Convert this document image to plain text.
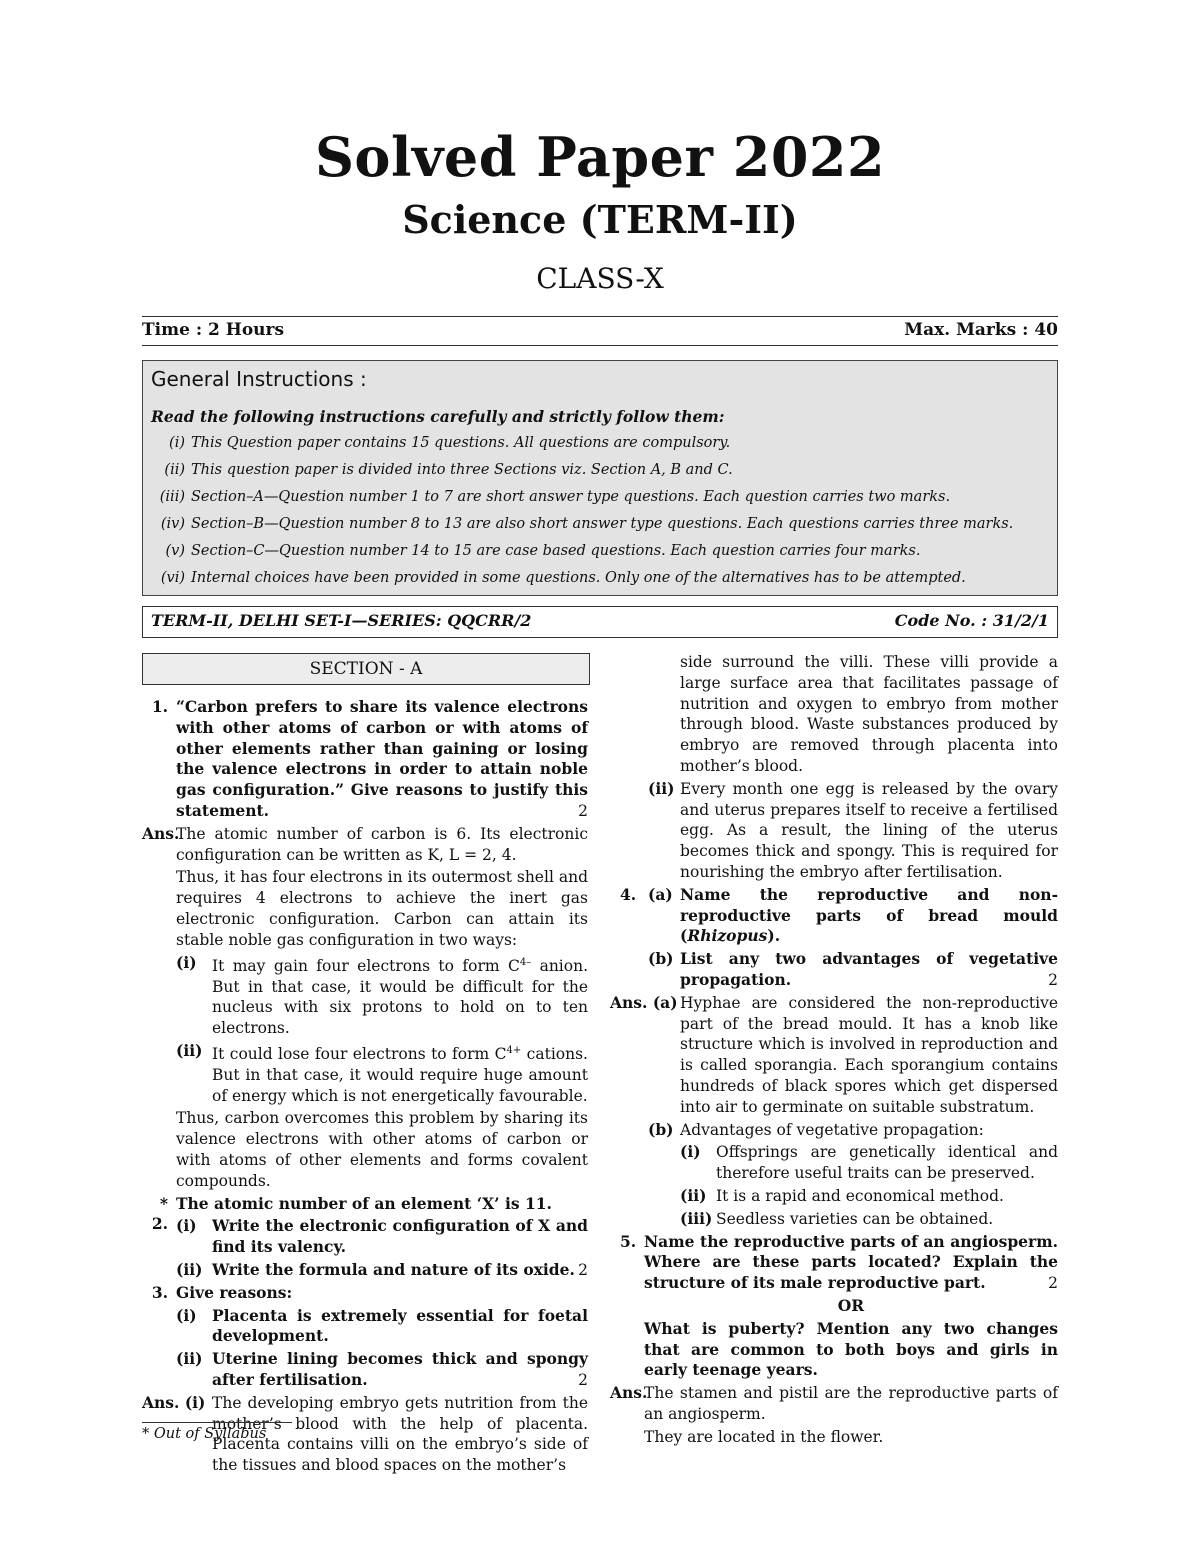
Solved Paper 2022
Science (TERM-II)
CLASS-X
Time : 2 Hours	Max. Marks : 40
General Instructions :
Read the following instructions carefully and strictly follow them:
(i) This Question paper contains 15 questions. All questions are compulsory.
(ii) This question paper is divided into three Sections viz. Section A, B and C.
(iii) Section–A—Question number 1 to 7 are short answer type questions. Each question carries two marks.
(iv) Section–B—Question number 8 to 13 are also short answer type questions. Each questions carries three marks.
(v) Section–C—Question number 14 to 15 are case based questions. Each question carries four marks.
(vi) Internal choices have been provided in some questions. Only one of the alternatives has to be attempted.
TERM-II, DELHI SET-I—SERIES: QQCRR/2	Code No. : 31/2/1
SECTION - A
1. “Carbon prefers to share its valence electrons with other atoms of carbon or with atoms of other elements rather than gaining or losing the valence electrons in order to attain noble gas configuration.” Give reasons to justify this statement.	2
Ans.
The atomic number of carbon is 6. Its electronic configuration can be written as K, L = 2, 4.
Thus, it has four electrons in its outermost shell and requires 4 electrons to achieve the inert gas electronic configuration. Carbon can attain its stable noble gas configuration in two ways:
(i) It may gain four electrons to form $C^{4-}$ anion. But in that case, it would be difficult for the nucleus with six protons to hold on to ten electrons.
(ii) It could lose four electrons to form $C^{4+}$ cations. But in that case, it would require huge amount of energy which is not energetically favourable.
Thus, carbon overcomes this problem by sharing its valence electrons with other atoms of carbon or with atoms of other elements and forms covalent compounds.
* 2.
The atomic number of an element ‘X’ is 11.
(i) Write the electronic configuration of X and find its valency.
(ii) Write the formula and nature of its oxide. 2
3. Give reasons:
(i) Placenta is extremely essential for foetal development.
(ii) Uterine lining becomes thick and spongy after fertilisation.	2
Ans. (i) The developing embryo gets nutrition from the mother’s blood with the help of placenta. Placenta contains villi on the embryo’s side of the tissues and blood spaces on the mother’s
* Out of Syllabus
side surround the villi. These villi provide a large surface area that facilitates passage of nutrition and oxygen to embryo from mother through blood. Waste substances produced by embryo are removed through placenta into mother’s blood.
(ii) Every month one egg is released by the ovary and uterus prepares itself to receive a fertilised egg. As a result, the lining of the uterus becomes thick and spongy. This is required for nourishing the embryo after fertilisation.
4. (a) Name the reproductive and non-reproductive parts of bread mould (Rhizopus).
(b) List any two advantages of vegetative propagation.	2
Ans. (a) Hyphae are considered the non-reproductive part of the bread mould. It has a knob like structure which is involved in reproduction and is called sporangia. Each sporangium contains hundreds of black spores which get dispersed into air to germinate on suitable substratum.
(b) Advantages of vegetative propagation:
(i) Offsprings are genetically identical and therefore useful traits can be preserved.
(ii) It is a rapid and economical method.
(iii) Seedless varieties can be obtained.
5. Name the reproductive parts of an angiosperm. Where are these parts located? Explain the structure of its male reproductive part.	2
OR
What is puberty? Mention any two changes that are common to both boys and girls in early teenage years.
Ans.
The stamen and pistil are the reproductive parts of an angiosperm.
They are located in the flower.
